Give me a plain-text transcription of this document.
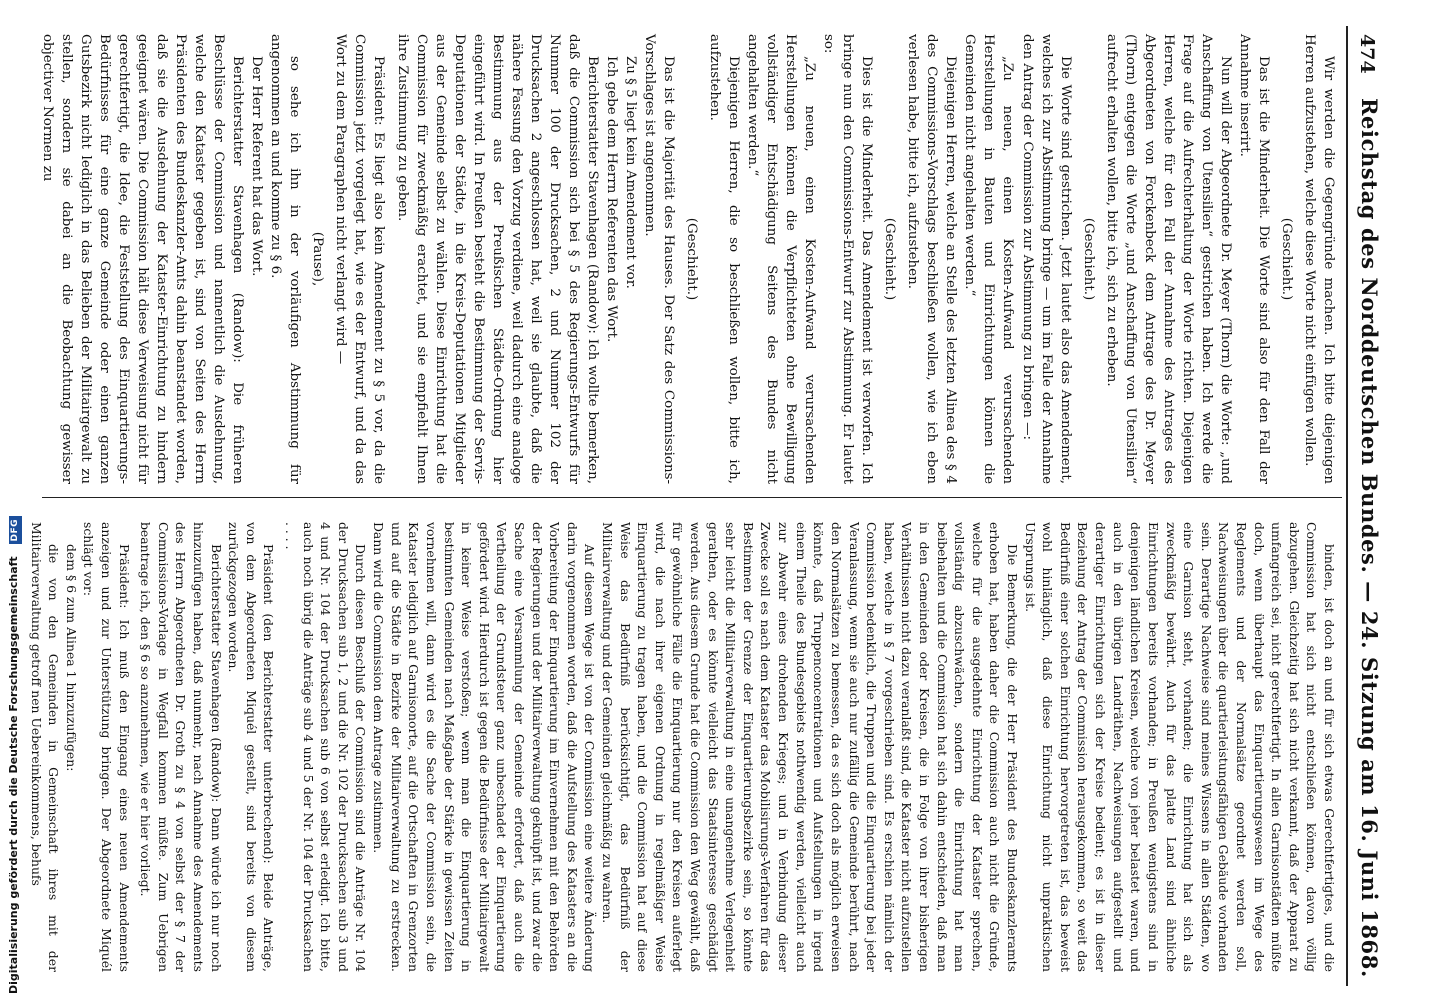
474
Reichstag des Norddeutschen Bundes. — 24. Sitzung am 16. Juni 1868.

Wir werden die Gegengründe machen. Ich bitte diejenigen Herren aufzustehen, welche diese Worte nicht einfügen wollen.

(Geschieht.)

Das ist die Minderheit. Die Worte sind also für den Fall der Annahme inserirt.

Nun will der Abgeordnete Dr. Meyer (Thorn) die Worte: „und Anschaffung von Utensilien“ gestrichen haben. Ich werde die Frage auf die Aufrechterhaltung der Worte richten. Diejenigen Herren, welche für den Fall der Annahme des Antrages des Abgeordneten von Forckenbeck dem Antrage des Dr. Meyer (Thorn) entgegen die Worte „und Anschaffung von Utensilien“ aufrecht erhalten wollen, bitte ich, sich zu erheben.

(Geschieht.)

Die Worte sind gestrichen. Jetzt lautet also das Amendement, welches ich zur Abstimmung bringe — um im Falle der Annahme den Antrag der Commission zur Abstimmung zu bringen —:

„Zu neuen, einen Kosten-Aufwand verursachenden Herstellungen in Bauten und Einrichtungen können die Gemeinden nicht angehalten werden.“

Diejenigen Herren, welche an Stelle des letzten Alinea des § 4 des Commissions-Vorschlags beschließen wollen, wie ich eben verlesen habe, bitte ich, aufzustehen.

(Geschieht.)

Dies ist die Minderheit. Das Amendement ist verworfen. Ich bringe nun den Commissions-Entwurf zur Abstimmung. Er lautet so:

„Zu neuen, einen Kosten-Aufwand verursachenden Herstellungen können die Verpflichteten ohne Bewilligung vollständiger Entschädigung Seitens des Bundes nicht angehalten werden.“

Diejenigen Herren, die so beschließen wollen, bitte ich, aufzustehen.

(Geschieht.)

Das ist die Majorität des Hauses. Der Satz des Commissions-Vorschlages ist angenommen.

Zu § 5 liegt kein Amendement vor.

Ich gebe dem Herrn Referenten das Wort.

Berichterstatter Stavenhagen (Randow): Ich wollte bemerken, daß die Commission sich bei § 5 des Regierungs-Entwurfs für Nummer 100 der Drucksachen, 2 und Nummer 102 der Drucksachen 2 angeschlossen hat, weil sie glaubte, daß die nähere Fassung den Vorzug verdiene, weil dadurch eine analoge Bestimmung aus der Preußischen Städte-Ordnung hier eingeführt wird. In Preußen besteht die Bestimmung der Servis-Deputationen der Städte, in die Kreis-Deputationen Mitglieder aus der Gemeinde selbst zu wählen. Diese Einrichtung hat die Commission für zweckmäßig erachtet, und sie empfiehlt Ihnen ihre Zustimmung zu geben.

Präsident: Es liegt also kein Amendement zu § 5 vor, da die Commission jetzt vorgelegt hat, wie es der Entwurf, und da das Wort zu dem Paragraphen nicht verlangt wird —

(Pause),

so sehe ich ihn in der vorläufigen Abstimmung für angenommen an und komme zu § 6.

Der Herr Referent hat das Wort.

Berichterstatter Stavenhagen (Randow): Die früheren Beschlüsse der Commission und namentlich die Ausdehnung, welche den Kataster gegeben ist, sind von Seiten des Herrn Präsidenten des Bundeskanzler-Amts dahin beanstandet worden, daß sie die Ausdehnung der Kataster-Einrichtung zu hindern geeignet wären. Die Commission hält diese Verweisung nicht für gerechtfertigt, die Idee, die Feststellung des Einquartierungs-Bedürfnisses für eine ganze Gemeinde oder einen ganzen Gutsbezirk nicht lediglich in das Belieben der Militairgewalt zu stellen, sondern sie dabei an die Beobachtung gewisser objectiver Normen zu

binden, ist doch an und für sich etwas Gerechtfertigtes, und die Commission hat sich nicht entschließen können, davon völlig abzugehen. Gleichzeitig hat sich nicht verkannt, daß der Apparat zu umfangreich sei, nicht gerechtfertigt. In allen Garnisonstädten müßte doch, wenn überhaupt das Einquartierungswesen im Wege des Reglements und der Normalsätze geordnet werden soll, Nachweisungen über die quartierleistungsfähigen Gebäude vorhanden sein. Derartige Nachweise sind meines Wissens in allen Städten, wo eine Garnison steht, vorhanden; die Einrichtung hat sich als zweckmäßig bewährt. Auch für das platte Land sind ähnliche Einrichtungen bereits vorhanden; in Preußen wenigstens sind in denjenigen ländlichen Kreisen, welche von jeher belastet waren, und auch in den übrigen Landräthen, Nachweisungen aufgestellt und derartiger Einrichtungen sich der Kreise bedient; es ist in dieser Beziehung der Antrag der Commission herausgekommen, so weit das Bedürfniß einer solchen Einrichtung hervorgetreten ist, das beweist wohl hinlänglich, daß diese Einrichtung nicht unpraktischen Ursprungs ist.

Die Bemerkung, die der Herr Präsident des Bundeskanzleramts erhoben hat, haben daher die Commission auch nicht die Gründe, welche für die ausgedehnte Einrichtung der Kataster sprechen, vollständig abzuschwächen, sondern die Einrichtung hat man beibehalten und die Commission hat sich dahin entschieden, daß man in den Gemeinden oder Kreisen, die in Folge von ihrer bisherigen Verhältnissen nicht dazu veranlaßt sind, die Kataster nicht aufzustellen haben, welche in § 7 vorgeschrieben sind. Es erschien nämlich der Commission bedenklich, die Truppen und die Einquartierung bei jeder Veranlassung, wenn sie auch nur zufällig die Gemeinde berührt, nach den Normalsätzen zu bemessen, da es sich doch als möglich erweisen könnte, daß Truppenconcentrationen und Aufstellungen in irgend einem Theile des Bundesgebiets nothwendig werden, vielleicht auch zur Abwehr eines drohenden Krieges; und in Verbindung dieser Zwecke soll es nach dem Kataster das Mobilisirungs-Verfahren für das Bestimmen der Grenze der Einquartierungsbezirke sein, so könnte sehr leicht die Militairverwaltung in eine unangenehme Verlegenheit gerathen, oder es könnte vielleicht das Staatsinteresse geschädigt werden. Aus diesem Grunde hat die Commission den Weg gewählt, daß für gewöhnliche Fälle die Einquartierung nur den Kreisen auferlegt wird, die nach ihrer eigenen Ordnung in regelmäßiger Weise Einquartierung zu tragen haben, und die Commission hat auf diese Weise das Bedürfniß berücksichtigt, das Bedürfniß der Militairverwaltung und der Gemeinden gleichmäßig zu wahren.

Auf diesem Wege ist von der Commission eine weitere Änderung darin vorgenommen worden, daß die Aufstellung des Katasters an die Vorbereitung der Einquartierung im Einvernehmen mit den Behörden der Regierungen und der Militairverwaltung geknüpft ist, und zwar die Sache eine Versammlung der Gemeinde erfordert, daß auch die Vertheilung der Grundsteuer ganz unbeschadet der Einquartierung gefördert wird. Hierdurch ist gegen die Bedürfnisse der Militairgewalt in keiner Weise verstoßen; wenn man die Einquartierung in bestimmten Gemeinden nach Maßgabe der Stärke in gewissen Zeiten vornehmen will, dann wird es die Sache der Commission sein, die Kataster lediglich auf Garnisonorte, auf die Ortschaften in Grenzorten und auf die Städte in Bezirke der Militairverwaltung zu erstrecken. Dann wird die Commission dem Antrage zustimmen.

Durch diesen Beschluß der Commission sind die Anträge Nr. 104 der Drucksachen sub 1, 2 und die Nr. 102 der Drucksachen sub 3 und 4 und Nr. 104 der Drucksachen sub 6 von selbst erledigt. Ich bitte, auch noch übrig die Anträge sub 4 und 5 der Nr. 104 der Drucksachen . . . .

Präsident (den Berichterstatter unterbrechend): Beide Anträge, von dem Abgeordneten Miquél gestellt, sind bereits von diesem zurückgezogen worden.

Berichterstatter Stavenhagen (Randow): Dann würde ich nur noch hinzuzufügen haben, daß nunmehr, nach Annahme des Amendements des Herrn Abgeordneten Dr. Groth zu § 4 von selbst der § 7 der Commissions-Vorlage in Wegfall kommen müßte. Zum Uebrigen beantrage ich, den § 6 so anzunehmen, wie er hier vorliegt.

Präsident: Ich muß den Eingang eines neuen Amendements anzeigen und zur Unterstützung bringen. Der Abgeordnete Miquél schlägt vor:

dem § 6 zum Alinea 1 hinzuzufügen:

die von den Gemeinden in Gemeinschaft ihres mit der Militairverwaltung getroff nen Uebereinkommens, behufs

Digitalisierung gefördert durch die Deutsche Forschungsgemeinschaft DFG
